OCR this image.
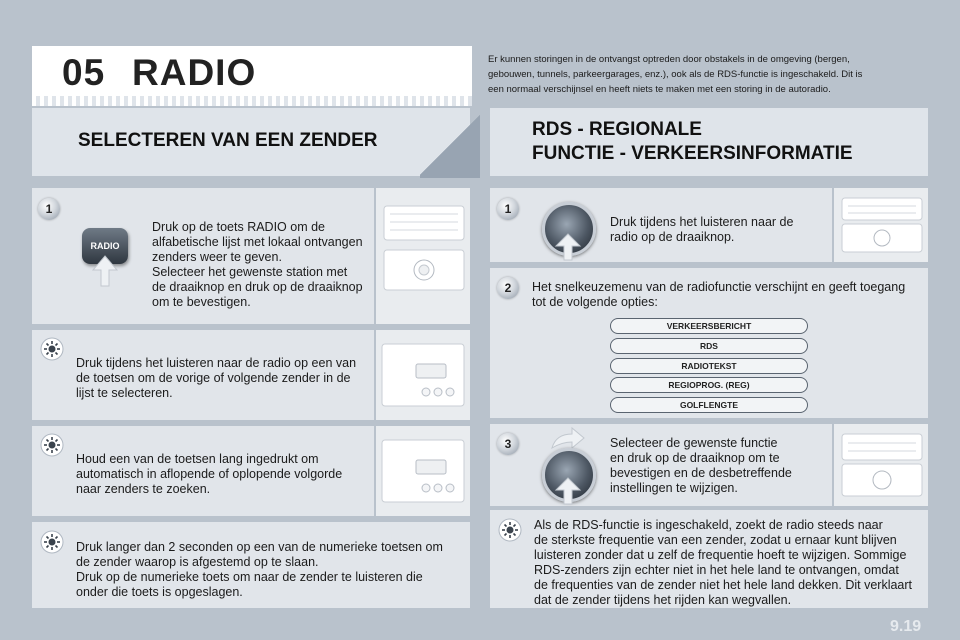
05 RADIO	Er kunnen storingen in de ontvangst optreden door obstakels in de omgeving (bergen,
gebouwen, tunnels, parkeergarages, enz.), ook als de RDS-functie is ingeschakeld. Dit is
een normaal verschijnsel en heeft niets te maken met een storing in de autoradio.
SELECTEREN VAN EEN ZENDER
RDS - REGIONALE
FUNCTIE - VERKEERSINFORMATIE
1
RADIO
Druk op de toets RADIO om de
alfabetische lijst met lokaal ontvangen
zenders weer te geven.
Selecteer het gewenste station met
de draaiknop en druk op de draaiknop
om te bevestigen.
Druk tijdens het luisteren naar de radio op een van
de toetsen om de vorige of volgende zender in de
lijst te selecteren.
Houd een van de toetsen lang ingedrukt om
automatisch in aflopende of oplopende volgorde
naar zenders te zoeken.
Druk langer dan 2 seconden op een van de numerieke toetsen om
de zender waarop is afgestemd op te slaan.
Druk op de numerieke toets om naar de zender te luisteren die
onder die toets is opgeslagen.
1
Druk tijdens het luisteren naar de
radio op de draaiknop.
2	Het snelkeuzemenu van de radiofunctie verschijnt en geeft toegang
tot de volgende opties:
VERKEERSBERICHT
RDS
RADIOTEKST
REGIOPROG. (REG)
GOLFLENGTE
3	Selecteer de gewenste functie
en druk op de draaiknop om te
bevestigen en de desbetreffende
instellingen te wijzigen.
Als de RDS-functie is ingeschakeld, zoekt de radio steeds naar
de sterkste frequentie van een zender, zodat u ernaar kunt blijven
luisteren zonder dat u zelf de frequentie hoeft te wijzigen. Sommige
RDS-zenders zijn echter niet in het hele land te ontvangen, omdat
de frequenties van de zender niet het hele land dekken. Dit verklaart
dat de zender tijdens het rijden kan wegvallen.
9.19
